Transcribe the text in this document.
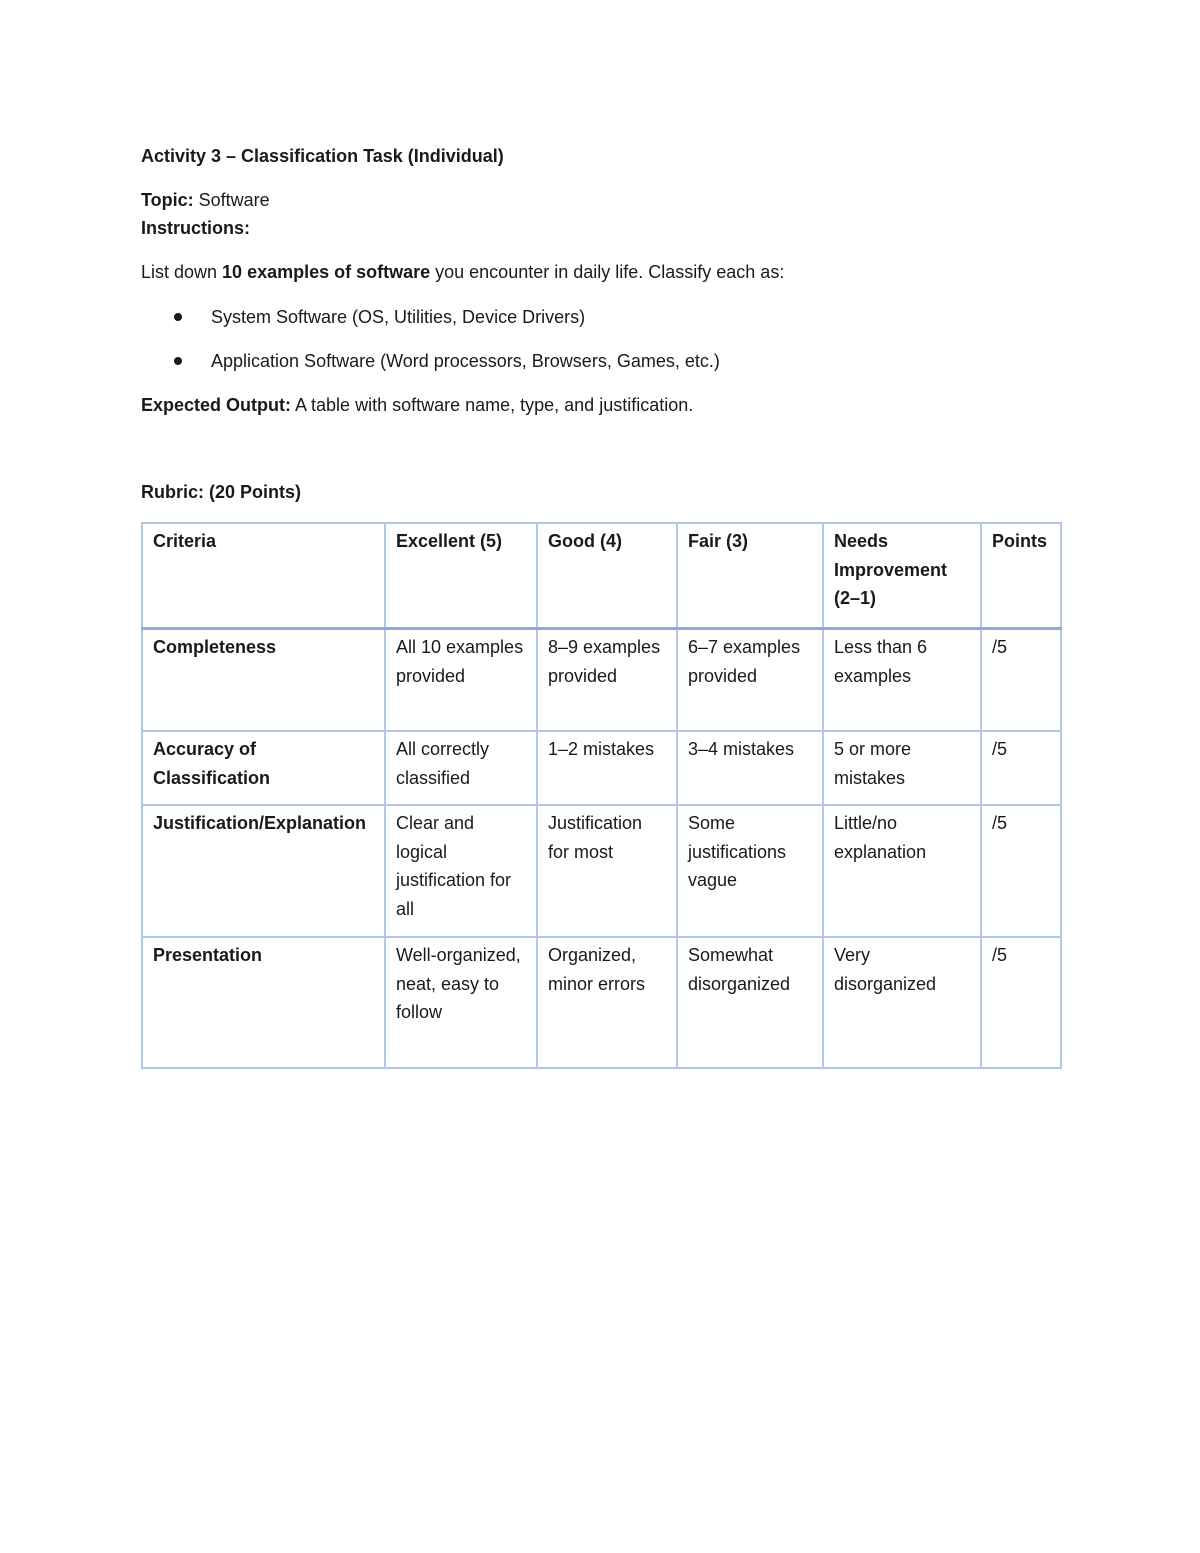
Activity 3 – Classification Task (Individual)
Topic: Software
Instructions:
List down 10 examples of software you encounter in daily life. Classify each as:
System Software (OS, Utilities, Device Drivers)
Application Software (Word processors, Browsers, Games, etc.)
Expected Output: A table with software name, type, and justification.
Rubric: (20 Points)
Criteria	Excellent (5)	Good (4)	Fair (3)	Needs Improvement (2–1)	Points
Completeness	All 10 examples provided	8–9 examples provided	6–7 examples provided	Less than 6 examples	/5
Accuracy of Classification	All correctly classified	1–2 mistakes	3–4 mistakes	5 or more mistakes	/5
Justification/Explanation	Clear and logical justification for all	Justification for most	Some justifications vague	Little/no explanation	/5
Presentation	Well-organized, neat, easy to follow	Organized, minor errors	Somewhat disorganized	Very disorganized	/5
